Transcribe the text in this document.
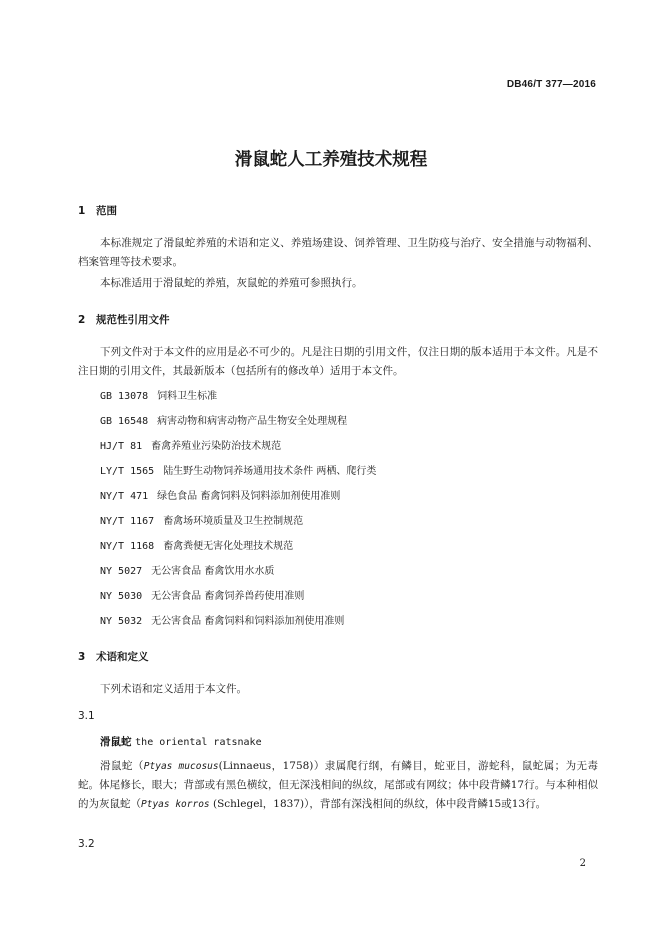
DB46/T 377—2016
滑鼠蛇人工养殖技术规程
1 范围
本标准规定了滑鼠蛇养殖的术语和定义、养殖场建设、饲养管理、卫生防疫与治疗、安全措施与动物福利、档案管理等技术要求。
本标准适用于滑鼠蛇的养殖，灰鼠蛇的养殖可参照执行。
2 规范性引用文件
下列文件对于本文件的应用是必不可少的。凡是注日期的引用文件，仅注日期的版本适用于本文件。凡是不注日期的引用文件，其最新版本（包括所有的修改单）适用于本文件。
GB 13078 饲料卫生标准
GB 16548 病害动物和病害动物产品生物安全处理规程
HJ/T 81 畜禽养殖业污染防治技术规范
LY/T 1565 陆生野生动物饲养场通用技术条件 两栖、爬行类
NY/T 471 绿色食品 畜禽饲料及饲料添加剂使用准则
NY/T 1167 畜禽场环境质量及卫生控制规范
NY/T 1168 畜禽粪便无害化处理技术规范
NY 5027 无公害食品 畜禽饮用水水质
NY 5030 无公害食品 畜禽饲养兽药使用准则
NY 5032 无公害食品 畜禽饲料和饲料添加剂使用准则
3 术语和定义
下列术语和定义适用于本文件。
3.1
滑鼠蛇 the oriental ratsnake
滑鼠蛇（Ptyas mucosus(Linnaeus，1758)）隶属爬行纲，有鳞目，蛇亚目，游蛇科，鼠蛇属；为无毒蛇。体尾修长，眼大；背部或有黑色横纹，但无深浅相间的纵纹，尾部或有网纹；体中段背鳞17行。与本种相似的为灰鼠蛇（Ptyas korros (Schlegel，1837)），背部有深浅相间的纵纹，体中段背鳞15或13行。
3.2
2
